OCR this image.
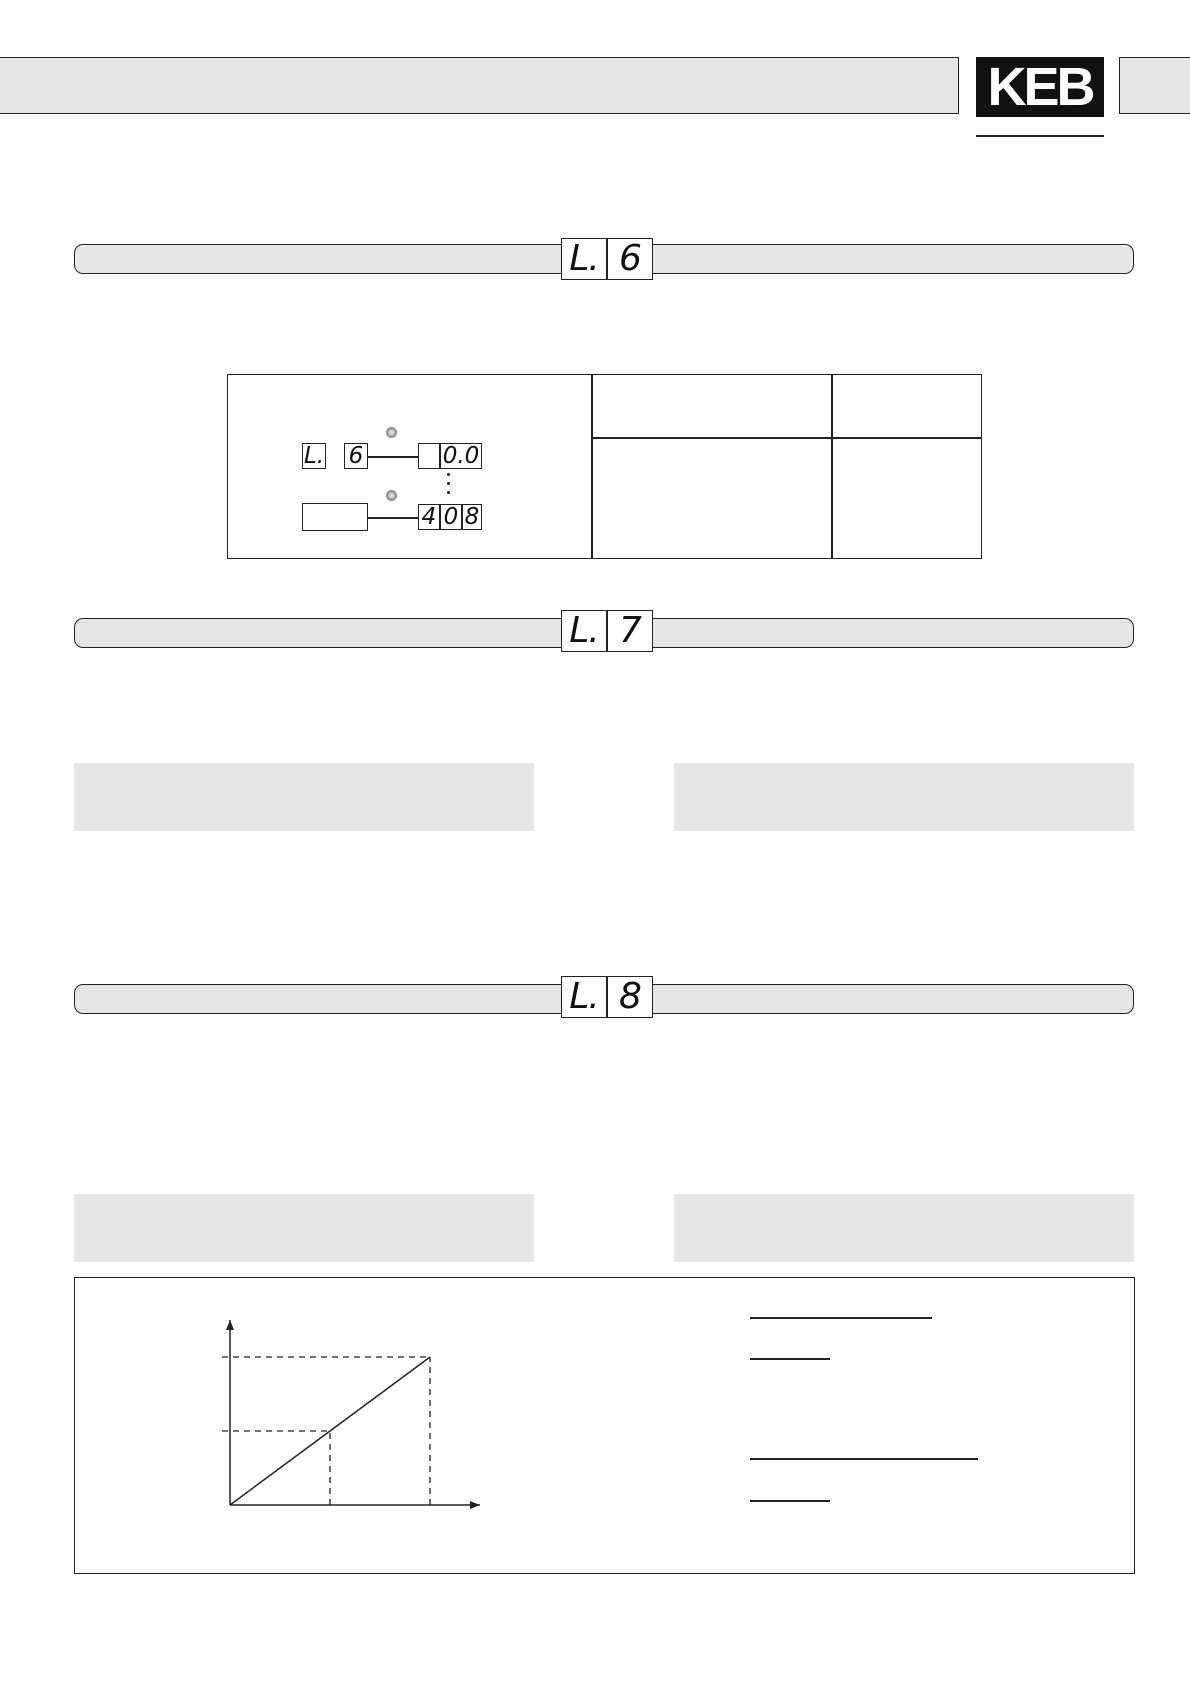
KEB
L. 6
L. 6	0.0
4 0 8
L. 7
L. 8
